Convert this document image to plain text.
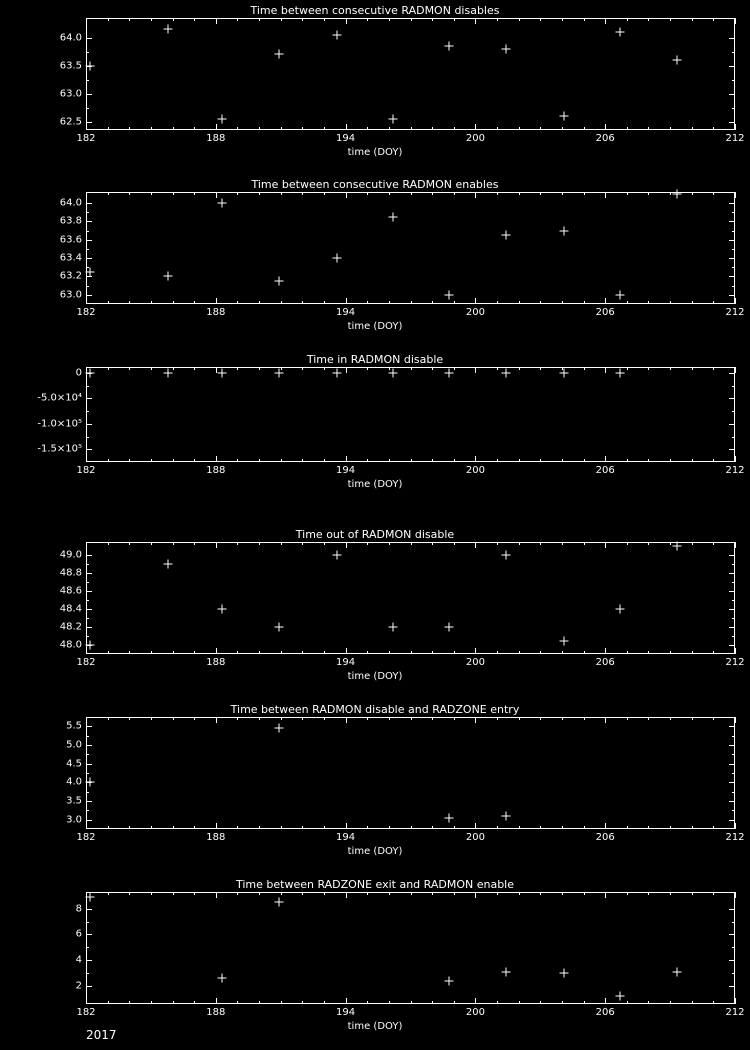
Time between consecutive RADMON disables
182	188	194	200	206	212
62.5
63.0
63.5
64.0
time (DOY)
Time between consecutive RADMON enables
182	188	194	200	206	212
63.0
63.2
63.4
63.6
63.8
64.0
time (DOY)
Time in RADMON disable
182	188	194	200	206	212
0
-5.0×10⁴
-1.0×10⁵
-1.5×10⁵
time (DOY)
Time out of RADMON disable
182	188	194	200	206	212
48.0
48.2
48.4
48.6
48.8
49.0
time (DOY)
Time between RADMON disable and RADZONE entry
182	188	194	200	206	212
3.0
3.5
4.0
4.5
5.0
5.5
time (DOY)
Time between RADZONE exit and RADMON enable
182	188	194	200	206	212
2
4
6
8
time (DOY)
2017
